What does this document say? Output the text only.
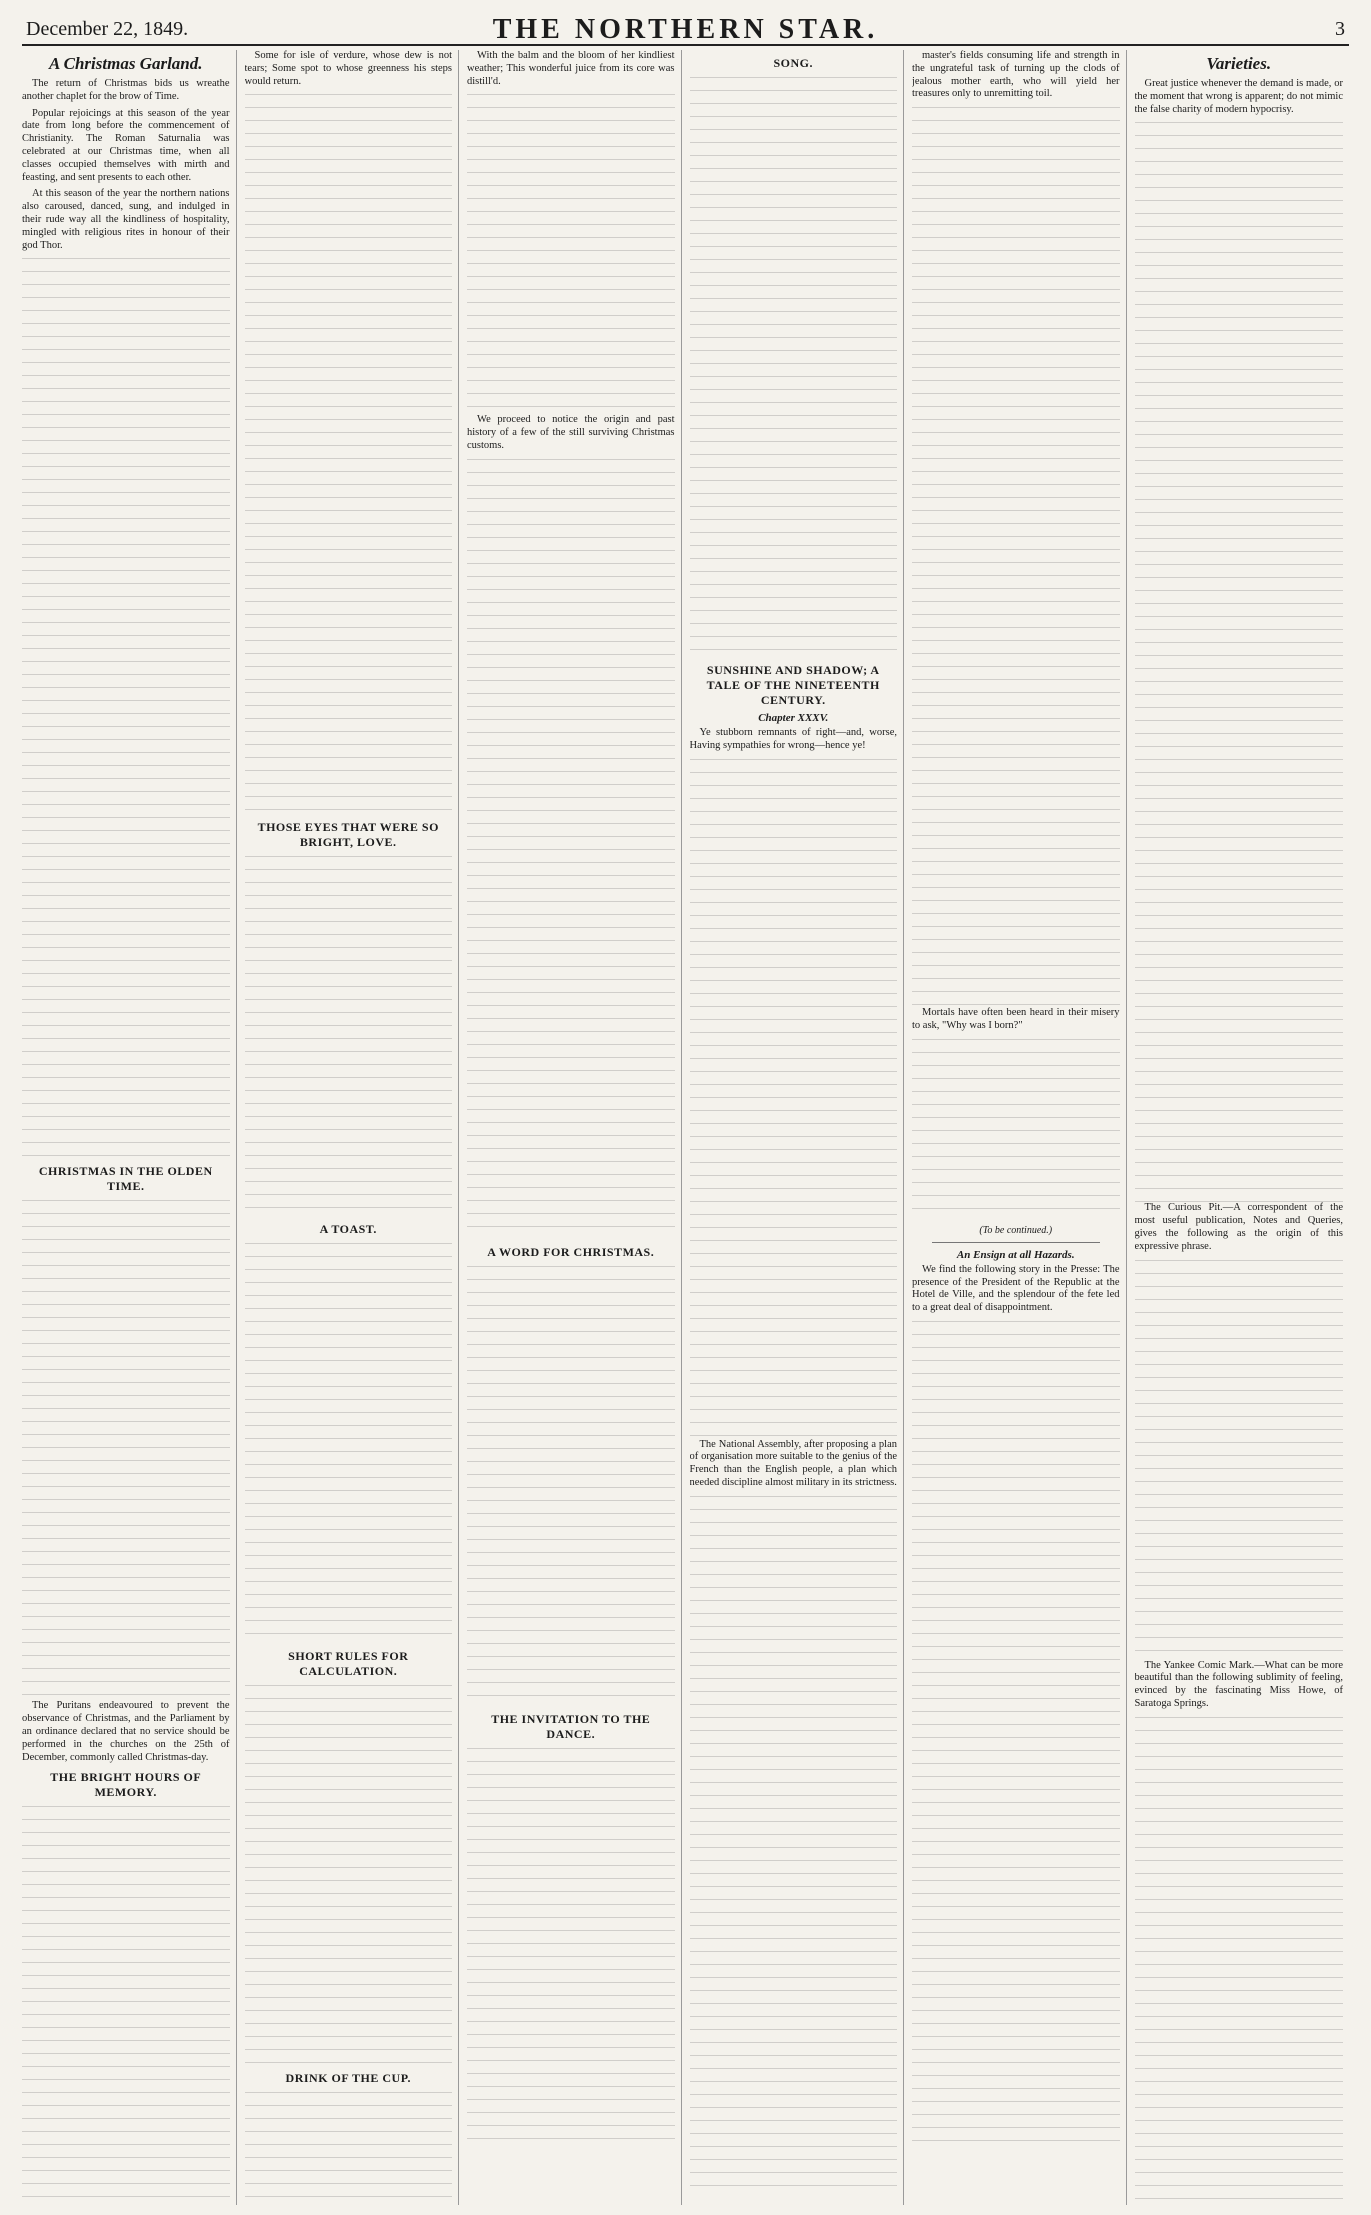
December 22, 1849.	THE NORTHERN STAR.	3
A Christmas Garland.

The return of Christmas bids us wreathe another chaplet for the brow of Time.

Popular rejoicings at this season of the year date from long before the commencement of Christianity. The Roman Saturnalia was celebrated at our Christmas time, when all classes occupied themselves with mirth and feasting, and sent presents to each other.

At this season of the year the northern nations also caroused, danced, sung, and indulged in their rude way all the kindliness of hospitality, mingled with religious rites in honour of their god Thor.

CHRISTMAS IN THE OLDEN TIME.

The Puritans endeavoured to prevent the observance of Christmas, and the Parliament by an ordinance declared that no service should be performed in the churches on the 25th of December, commonly called Christmas-day.

THE BRIGHT HOURS OF MEMORY.

Some for isle of verdure, whose dew is not tears; Some spot to whose greenness his steps would return.

THOSE EYES THAT WERE SO BRIGHT, LOVE.
A TOAST.
SHORT RULES FOR CALCULATION.
DRINK OF THE CUP.

With the balm and the bloom of her kindliest weather; This wonderful juice from its core was distill'd.

We proceed to notice the origin and past history of a few of the still surviving Christmas customs.

A WORD FOR CHRISTMAS.
THE INVITATION TO THE DANCE.
SONG.
SUNSHINE AND SHADOW; A TALE OF THE NINETEENTH CENTURY.
Chapter XXXV.

Ye stubborn remnants of right—and, worse, Having sympathies for wrong—hence ye!

The National Assembly, after proposing a plan of organisation more suitable to the genius of the French than the English people, a plan which needed discipline almost military in its strictness.

master's fields consuming life and strength in the ungrateful task of turning up the clods of jealous mother earth, who will yield her treasures only to unremitting toil.

Mortals have often been heard in their misery to ask, "Why was I born?"

(To be continued.)
An Ensign at all Hazards.

We find the following story in the Presse: The presence of the President of the Republic at the Hotel de Ville, and the splendour of the fete led to a great deal of disappointment.

Varieties.

Great justice whenever the demand is made, or the moment that wrong is apparent; do not mimic the false charity of modern hypocrisy.

The Curious Pit.—A correspondent of the most useful publication, Notes and Queries, gives the following as the origin of this expressive phrase.

The Yankee Comic Mark.—What can be more beautiful than the following sublimity of feeling, evinced by the fascinating Miss Howe, of Saratoga Springs.
